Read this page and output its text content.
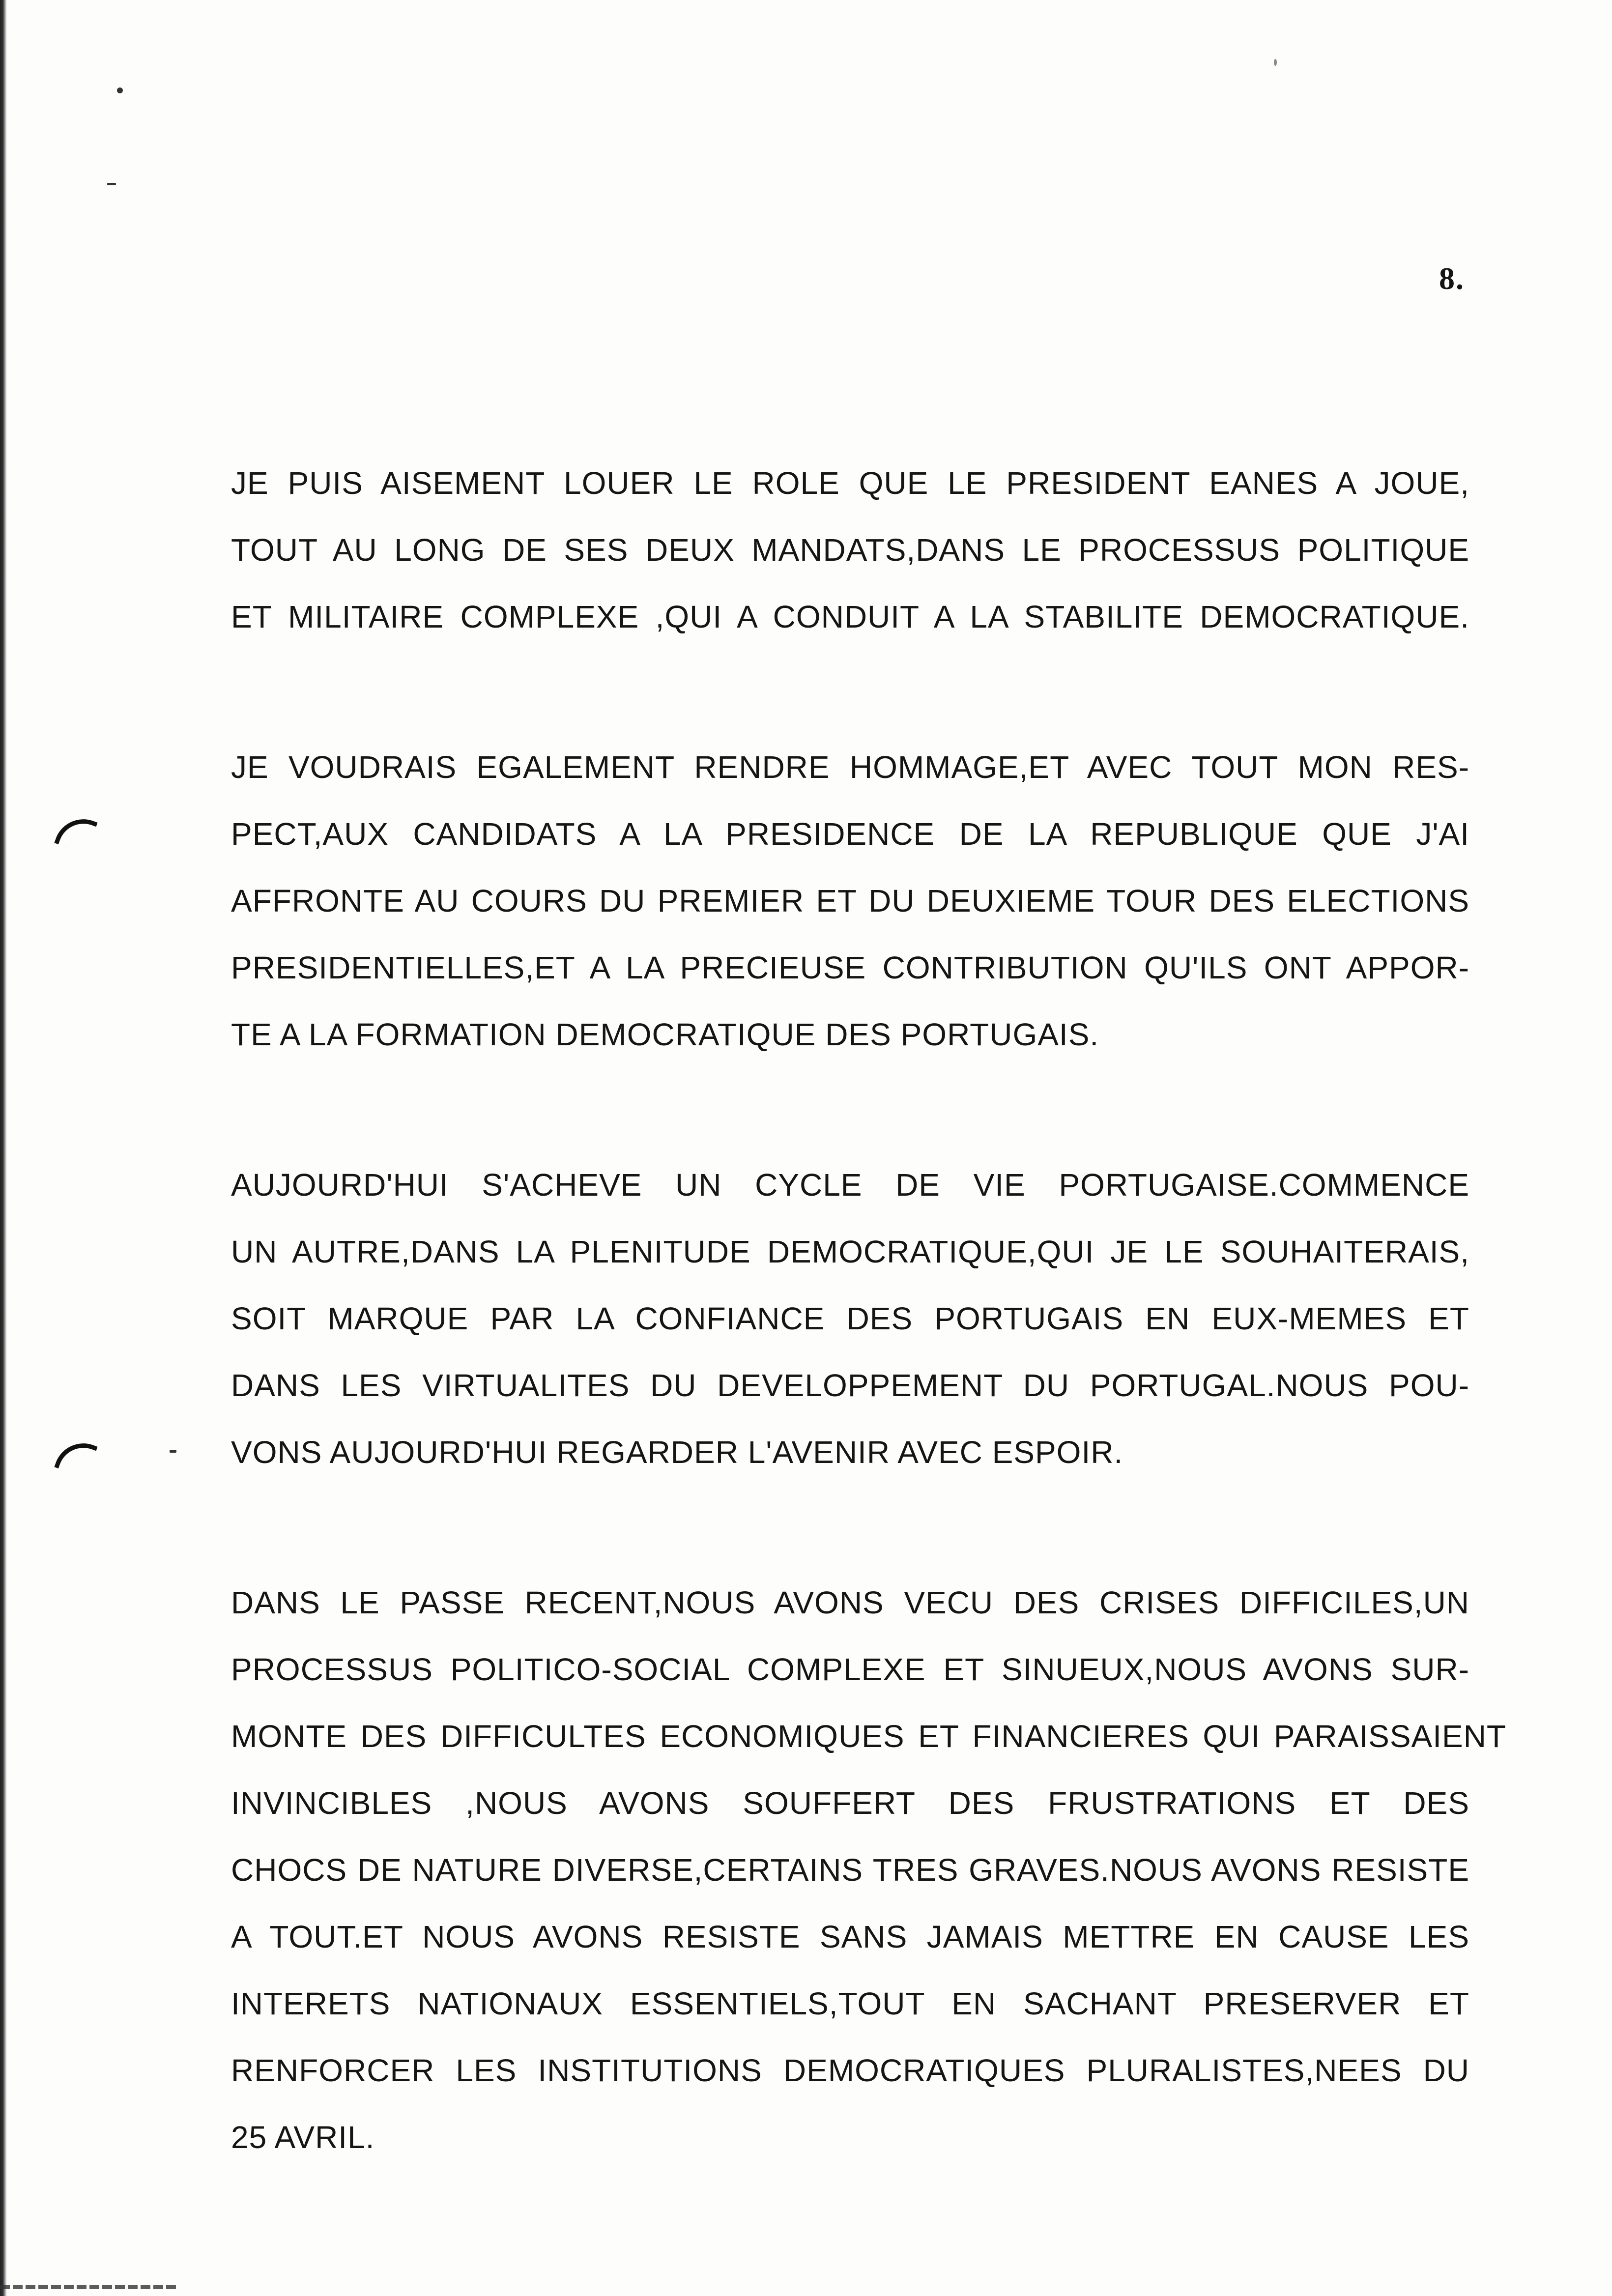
8.
JE PUIS AISEMENT LOUER LE ROLE QUE LE PRESIDENT EANES A JOUE,
TOUT AU LONG DE SES DEUX MANDATS,DANS LE PROCESSUS POLITIQUE
ET MILITAIRE COMPLEXE ,QUI A CONDUIT A LA STABILITE DEMOCRATIQUE.
JE VOUDRAIS EGALEMENT RENDRE HOMMAGE,ET AVEC TOUT MON RES-
PECT,AUX CANDIDATS A LA PRESIDENCE DE LA REPUBLIQUE QUE J'AI
AFFRONTE AU COURS DU PREMIER ET DU DEUXIEME TOUR DES ELECTIONS
PRESIDENTIELLES,ET A LA PRECIEUSE CONTRIBUTION QU'ILS ONT APPOR-
TE A LA FORMATION DEMOCRATIQUE DES PORTUGAIS.
AUJOURD'HUI S'ACHEVE UN CYCLE DE VIE PORTUGAISE.COMMENCE
UN AUTRE,DANS LA PLENITUDE DEMOCRATIQUE,QUI JE LE SOUHAITERAIS,
SOIT MARQUE PAR LA CONFIANCE DES PORTUGAIS EN EUX-MEMES ET
DANS LES VIRTUALITES DU DEVELOPPEMENT DU PORTUGAL.NOUS POU-
VONS AUJOURD'HUI REGARDER L'AVENIR AVEC ESPOIR.
DANS LE PASSE RECENT,NOUS AVONS VECU DES CRISES DIFFICILES,UN
PROCESSUS POLITICO-SOCIAL COMPLEXE ET SINUEUX,NOUS AVONS SUR-
MONTE DES DIFFICULTES ECONOMIQUES ET FINANCIERES QUI PARAISSAIENT
INVINCIBLES ,NOUS AVONS SOUFFERT DES FRUSTRATIONS ET DES
CHOCS DE NATURE DIVERSE,CERTAINS TRES GRAVES.NOUS AVONS RESISTE
A TOUT.ET NOUS AVONS RESISTE SANS JAMAIS METTRE EN CAUSE LES
INTERETS NATIONAUX ESSENTIELS,TOUT EN SACHANT PRESERVER ET
RENFORCER LES INSTITUTIONS DEMOCRATIQUES PLURALISTES,NEES DU
25 AVRIL.
